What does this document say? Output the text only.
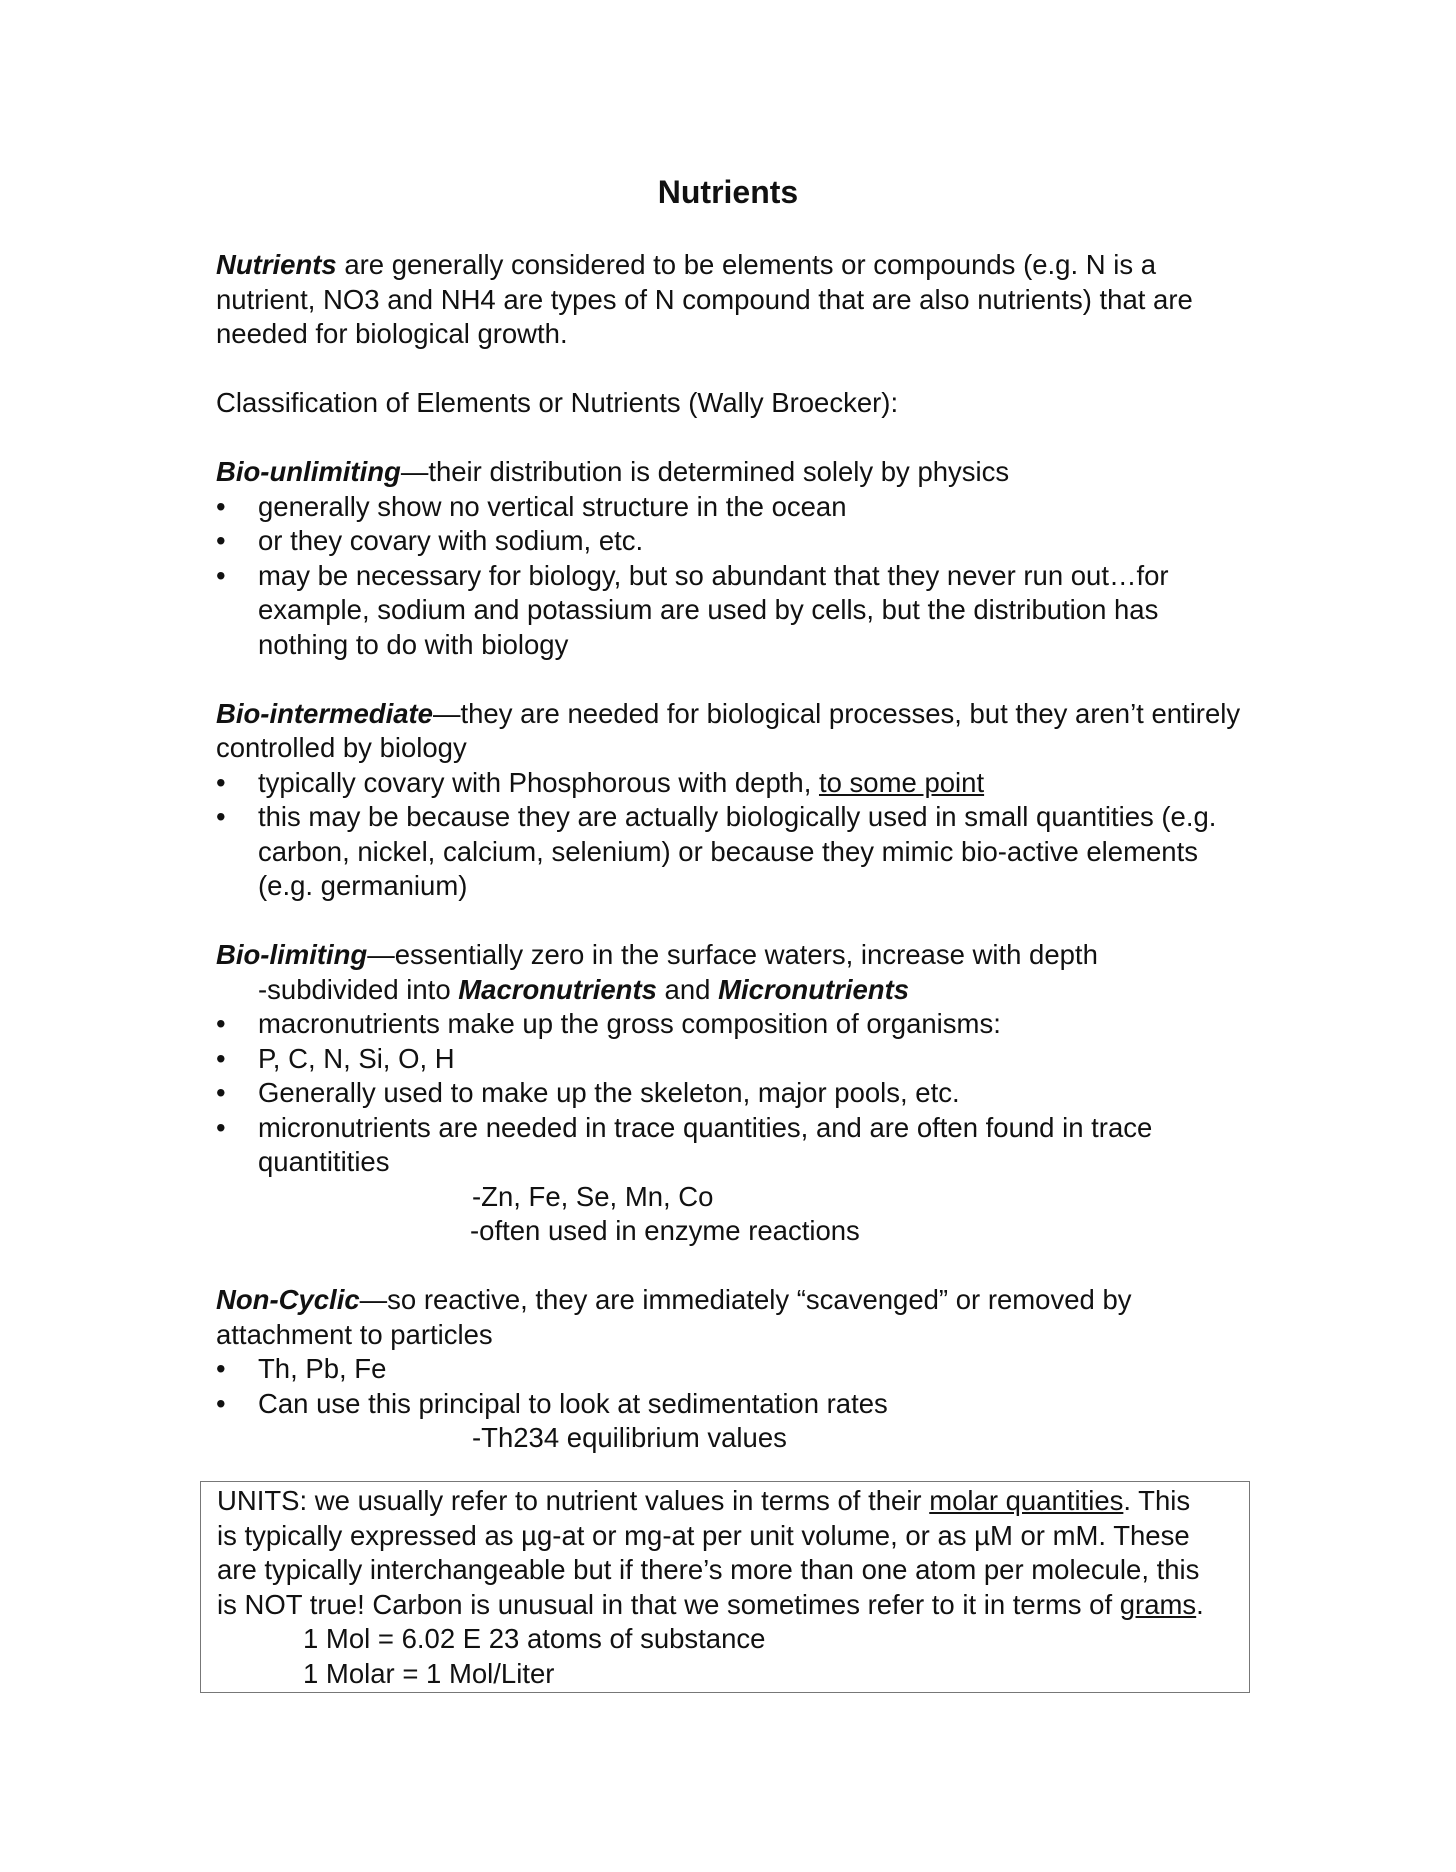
Nutrients

Nutrients are generally considered to be elements or compounds (e.g. N is a nutrient, NO3 and NH4 are types of N compound that are also nutrients) that are needed for biological growth.

Classification of Elements or Nutrients (Wally Broecker):

Bio-unlimiting—their distribution is determined solely by physics

• generally show no vertical structure in the ocean
• or they covary with sodium, etc.
• may be necessary for biology, but so abundant that they never run out…for example, sodium and potassium are used by cells, but the distribution has nothing to do with biology

Bio-intermediate—they are needed for biological processes, but they aren’t entirely controlled by biology

• typically covary with Phosphorous with depth, to some point
• this may be because they are actually biologically used in small quantities (e.g. carbon, nickel, calcium, selenium) or because they mimic bio-active elements (e.g. germanium)

Bio-limiting—essentially zero in the surface waters, increase with depth

-subdivided into Macronutrients and Micronutrients

• macronutrients make up the gross composition of organisms:
• P, C, N, Si, O, H
• Generally used to make up the skeleton, major pools, etc.
• micronutrients are needed in trace quantities, and are often found in trace quantitities

-Zn, Fe, Se, Mn, Co

-often used in enzyme reactions

Non-Cyclic—so reactive, they are immediately “scavenged” or removed by attachment to particles

• Th, Pb, Fe
• Can use this principal to look at sedimentation rates

-Th234 equilibrium values

UNITS: we usually refer to nutrient values in terms of their molar quantities. This
is typically expressed as µg-at or mg-at per unit volume, or as µM or mM. These
are typically interchangeable but if there’s more than one atom per molecule, this
is NOT true! Carbon is unusual in that we sometimes refer to it in terms of grams.
1 Mol = 6.02 E 23 atoms of substance
1 Molar = 1 Mol/Liter
